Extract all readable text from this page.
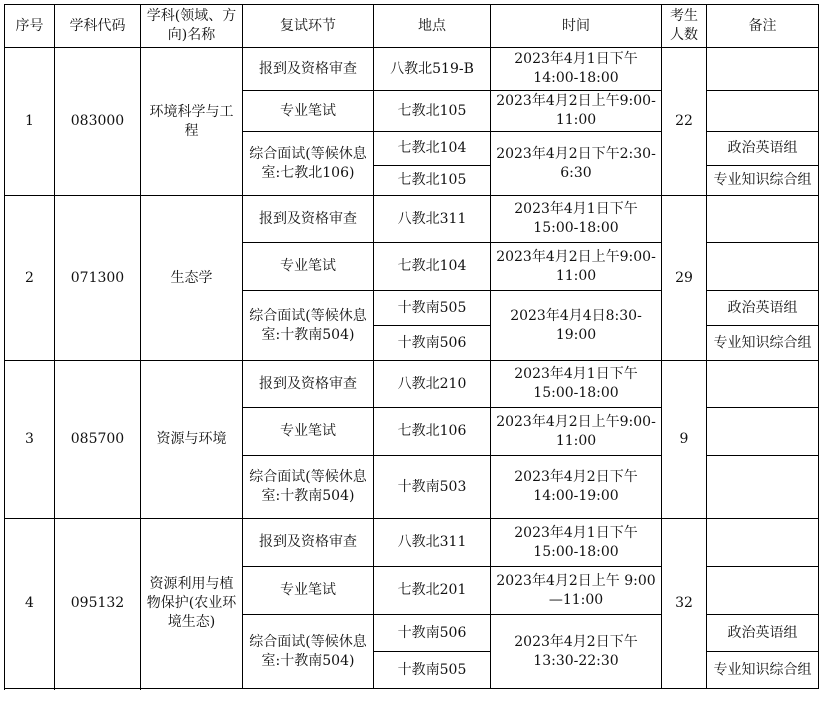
序号	学科代码	学科(领域、方向)名称	复试环节	地点	时间	考生人数	备注
1	083000	环境科学与工程	报到及资格审查	八教北519-B	2023年4月1日下午14:00-18:00	22	
			专业笔试	七教北105	2023年4月2日上午9:00-11:00		
			综合面试(等候休息室:七教北106)	七教北104	2023年4月2日下午2:30-6:30		政治英语组
				七教北105			专业知识综合组

2	071300	生态学	报到及资格审查	八教北311	2023年4月1日下午15:00-18:00	29	
			专业笔试	七教北104	2023年4月2日上午9:00-11:00		
			综合面试(等候休息室:十教南504)	十教南505	2023年4月4日8:30-19:00		政治英语组
				十教南506			专业知识综合组

3	085700	资源与环境	报到及资格审查	八教北210	2023年4月1日下午15:00-18:00	9	
			专业笔试	七教北106	2023年4月2日上午9:00-11:00		
			综合面试(等候休息室:十教南504)	十教南503	2023年4月2日下午14:00-19:00		

4	095132	资源利用与植物保护(农业环境生态)	报到及资格审查	八教北311	2023年4月1日下午15:00-18:00	32	
			专业笔试	七教北201	2023年4月2日上午 9:00—11:00		
			综合面试(等候休息室:十教南504)	十教南506	2023年4月2日下午13:30-22:30		政治英语组
				十教南505			专业知识综合组
